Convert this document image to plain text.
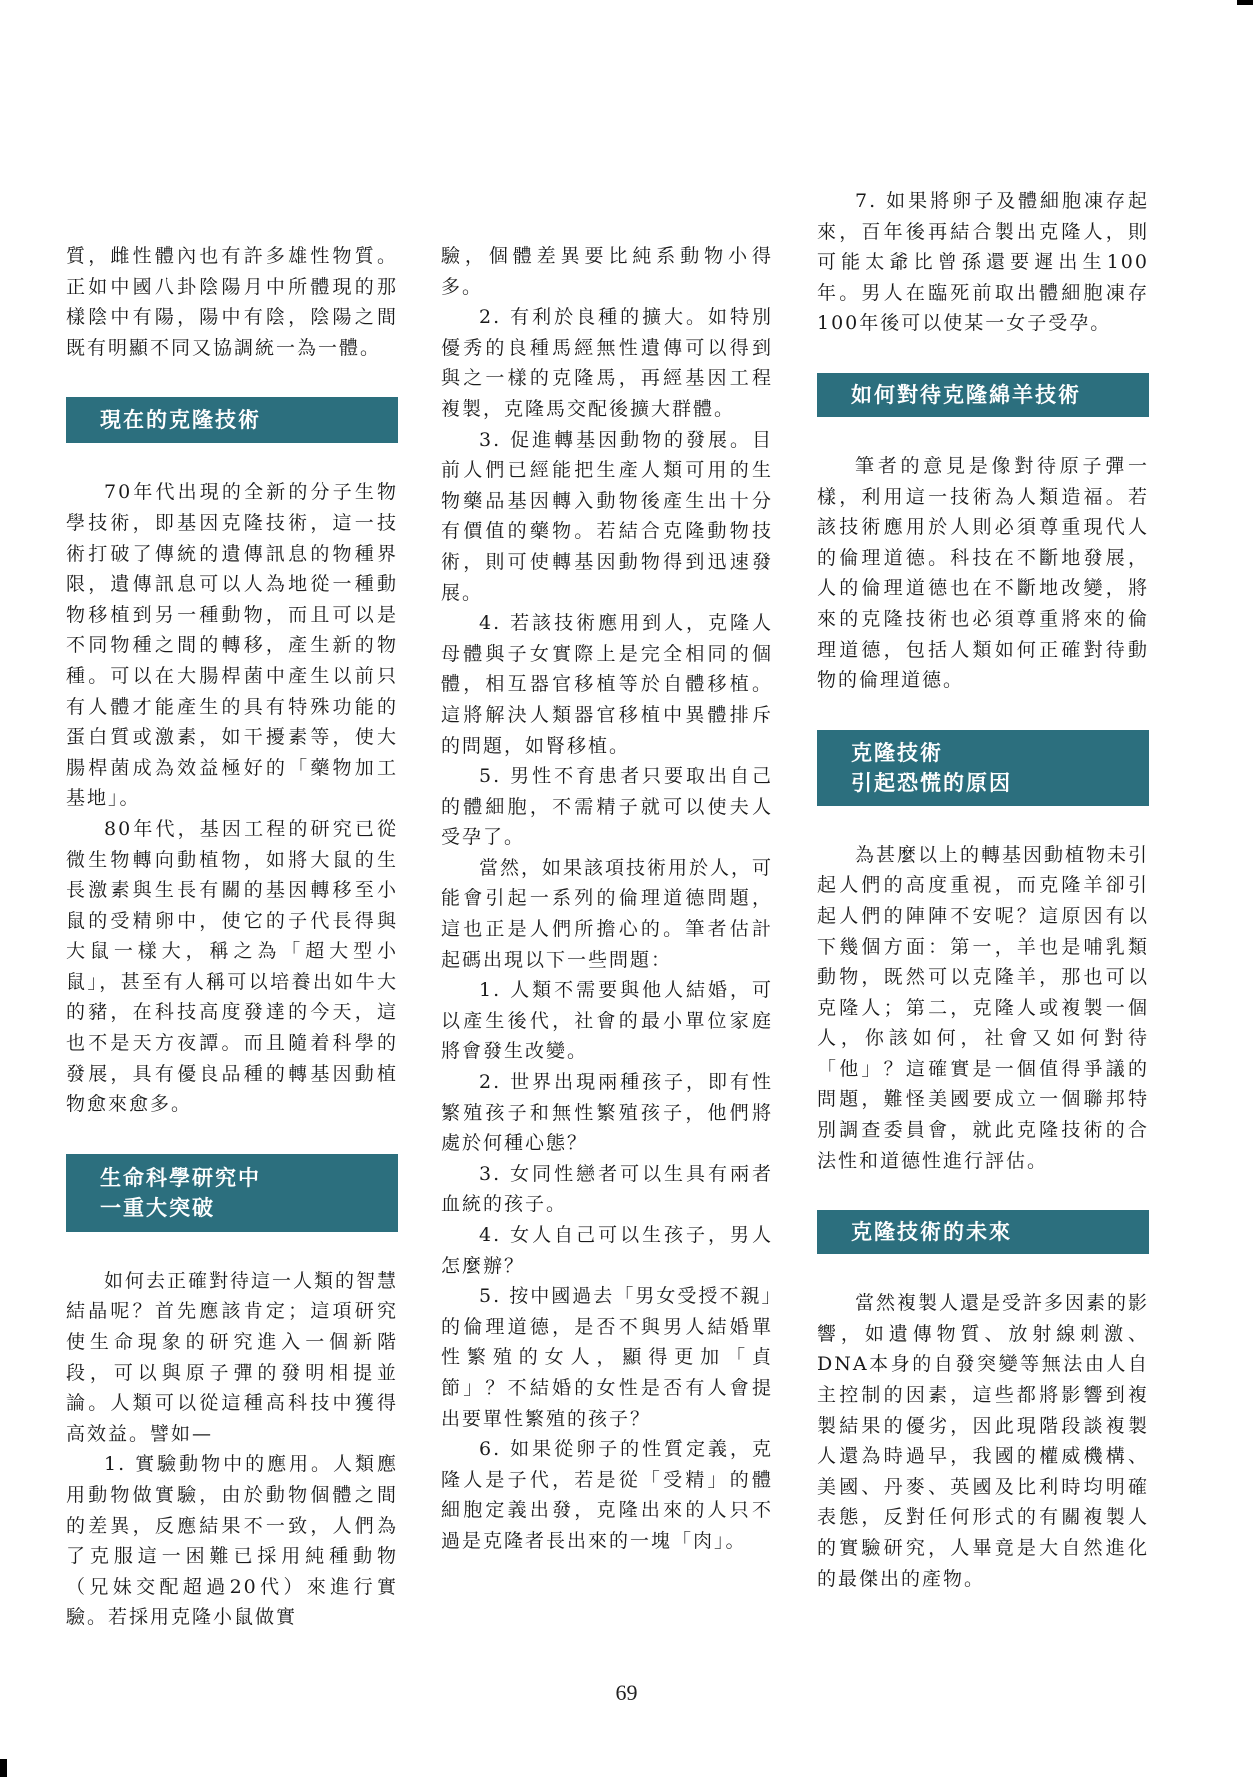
質，雌性體內也有許多雄性物質。正如中國八卦陰陽月中所體現的那樣陰中有陽，陽中有陰，陰陽之間既有明顯不同又協調統一為一體。

現在的克隆技術

70年代出現的全新的分子生物學技術，即基因克隆技術，這一技術打破了傳統的遺傳訊息的物種界限，遺傳訊息可以人為地從一種動物移植到另一種動物，而且可以是不同物種之間的轉移，產生新的物種。可以在大腸桿菌中產生以前只有人體才能產生的具有特殊功能的蛋白質或激素，如干擾素等，使大腸桿菌成為效益極好的「藥物加工基地」。

80年代，基因工程的研究已從微生物轉向動植物，如將大鼠的生長激素與生長有關的基因轉移至小鼠的受精卵中，使它的子代長得與大鼠一樣大，稱之為「超大型小鼠」，甚至有人稱可以培養出如牛大的豬，在科技高度發達的今天，這也不是天方夜譚。而且隨着科學的發展，具有優良品種的轉基因動植物愈來愈多。

生命科學研究中
一重大突破

如何去正確對待這一人類的智慧結晶呢？首先應該肯定；這項研究使生命現象的研究進入一個新階段，可以與原子彈的發明相提並論。人類可以從這種高科技中獲得高效益。譬如—

1. 實驗動物中的應用。人類應用動物做實驗，由於動物個體之間的差異，反應結果不一致，人們為了克服這一困難已採用純種動物（兄妹交配超過20代）來進行實驗。若採用克隆小鼠做實

驗，個體差異要比純系動物小得多。

2. 有利於良種的擴大。如特別優秀的良種馬經無性遺傳可以得到與之一樣的克隆馬，再經基因工程複製，克隆馬交配後擴大群體。

3. 促進轉基因動物的發展。目前人們已經能把生產人類可用的生物藥品基因轉入動物後產生出十分有價值的藥物。若結合克隆動物技術，則可使轉基因動物得到迅速發展。

4. 若該技術應用到人，克隆人母體與子女實際上是完全相同的個體，相互器官移植等於自體移植。這將解決人類器官移植中異體排斥的問題，如腎移植。

5. 男性不育患者只要取出自己的體細胞，不需精子就可以使夫人受孕了。

當然，如果該項技術用於人，可能會引起一系列的倫理道德問題，這也正是人們所擔心的。筆者估計起碼出現以下一些問題：

1. 人類不需要與他人結婚，可以產生後代，社會的最小單位家庭將會發生改變。

2. 世界出現兩種孩子，即有性繁殖孩子和無性繁殖孩子，他們將處於何種心態？

3. 女同性戀者可以生具有兩者血統的孩子。

4. 女人自己可以生孩子，男人怎麼辦？

5. 按中國過去「男女受授不親」的倫理道德，是否不與男人結婚單性繁殖的女人，顯得更加「貞節」？不結婚的女性是否有人會提出要單性繁殖的孩子？

6. 如果從卵子的性質定義，克隆人是子代，若是從「受精」的體細胞定義出發，克隆出來的人只不過是克隆者長出來的一塊「肉」。

7. 如果將卵子及體細胞凍存起來，百年後再結合製出克隆人，則可能太爺比曾孫還要遲出生100年。男人在臨死前取出體細胞凍存100年後可以使某一女子受孕。

如何對待克隆綿羊技術

筆者的意見是像對待原子彈一樣，利用這一技術為人類造福。若該技術應用於人則必須尊重現代人的倫理道德。科技在不斷地發展，人的倫理道德也在不斷地改變，將來的克隆技術也必須尊重將來的倫理道德，包括人類如何正確對待動物的倫理道德。

克隆技術
引起恐慌的原因

為甚麼以上的轉基因動植物未引起人們的高度重視，而克隆羊卻引起人們的陣陣不安呢？這原因有以下幾個方面：第一，羊也是哺乳類動物，既然可以克隆羊，那也可以克隆人；第二，克隆人或複製一個人，你該如何，社會又如何對待「他」？這確實是一個值得爭議的問題，難怪美國要成立一個聯邦特別調查委員會，就此克隆技術的合法性和道德性進行評估。

克隆技術的未來

當然複製人還是受許多因素的影響，如遺傳物質、放射線刺激、DNA本身的自發突變等無法由人自主控制的因素，這些都將影響到複製結果的優劣，因此現階段談複製人還為時過早，我國的權威機構、美國、丹麥、英國及比利時均明確表態，反對任何形式的有關複製人的實驗研究，人畢竟是大自然進化的最傑出的產物。

69
